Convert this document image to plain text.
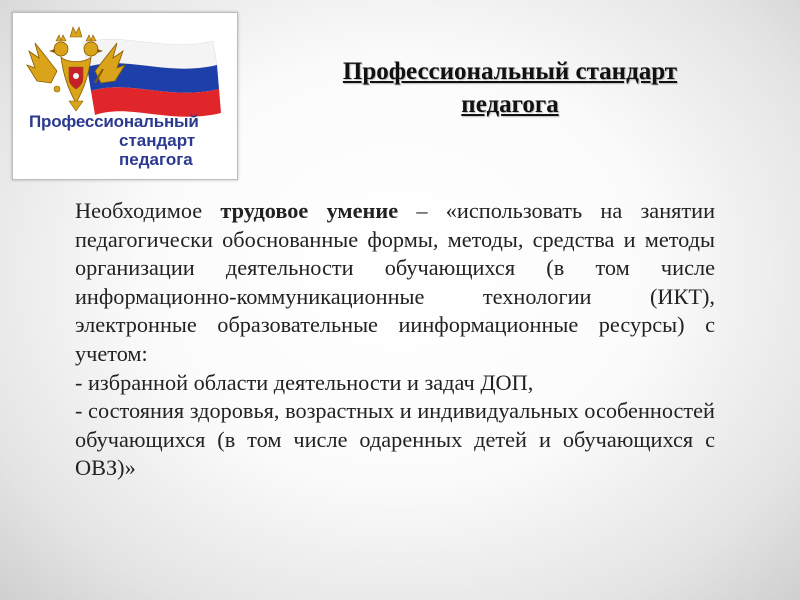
Профессиональный
стандарт
педагога
Профессиональный стандарт
педагога

Необходимое трудовое умение – «использовать на занятии педагогически обоснованные формы, методы, средства и методы организации деятельности обучающихся (в том числе информационно-коммуникационные технологии (ИКТ), электронные образовательные иинформационные ресурсы) с учетом:

- избранной области деятельности и задач ДОП,

- состояния здоровья, возрастных и индивидуальных особенностей обучающихся (в том числе одаренных детей и обучающихся с ОВЗ)»
